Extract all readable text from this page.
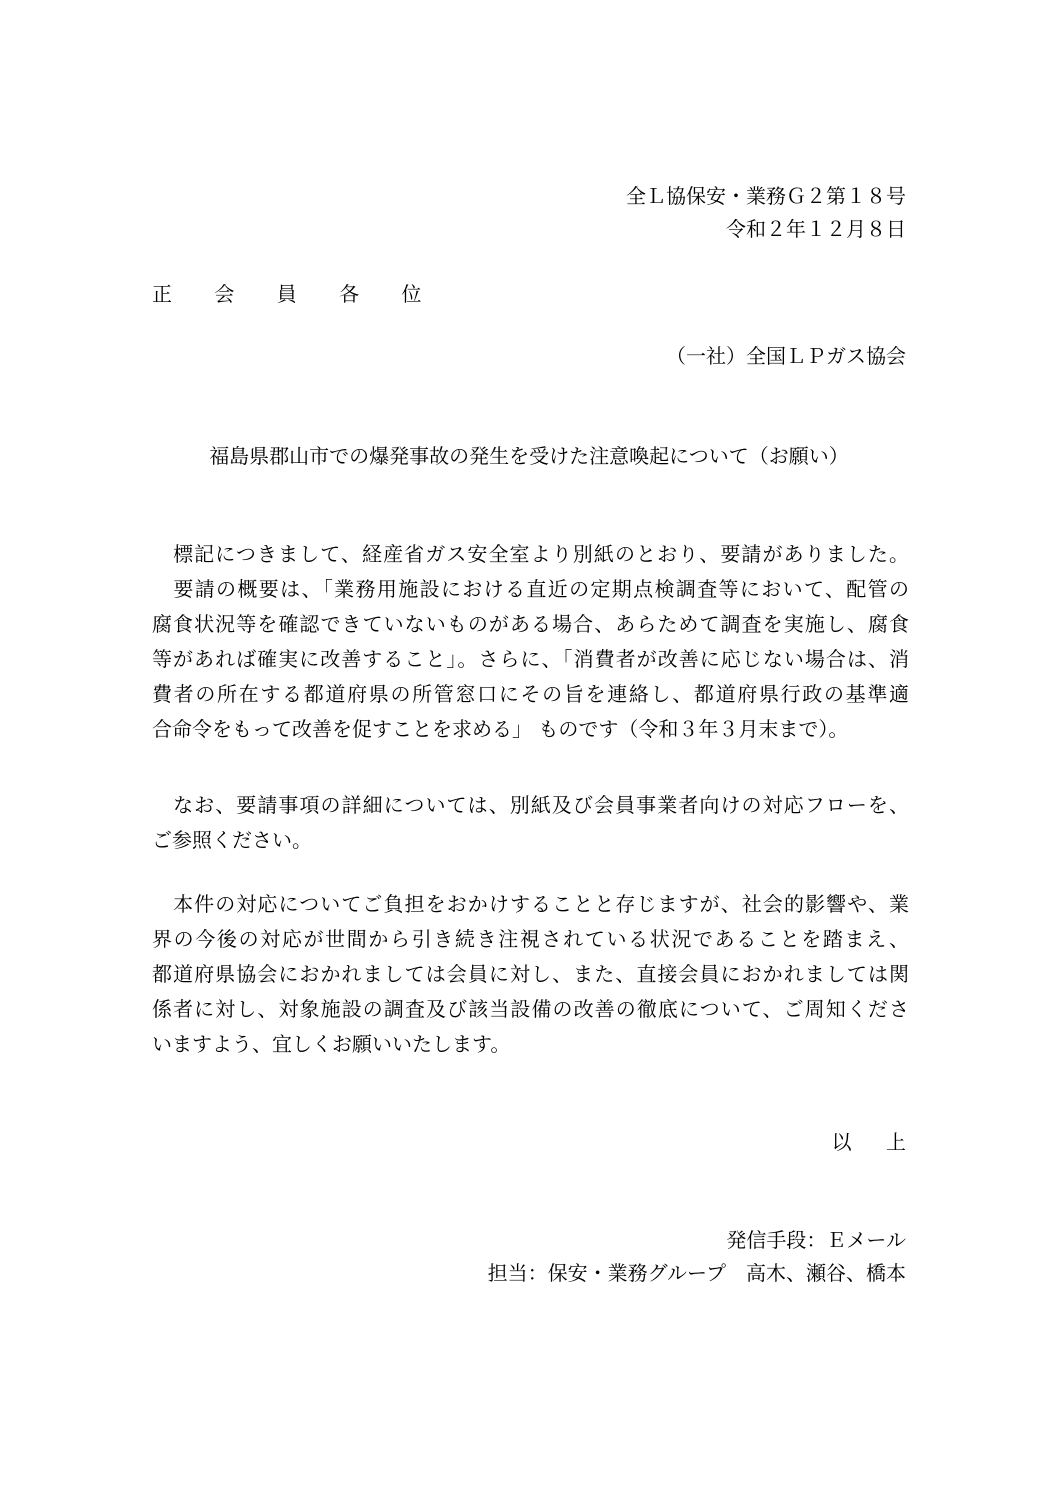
全Ｌ協保安・業務Ｇ２第１８号
令和２年１２月８日
正 会 員 各 位
（一社）全国ＬＰガス協会
福島県郡山市での爆発事故の発生を受けた注意喚起について（お願い）
　標記につきまして、経産省ガス安全室より別紙のとおり、要請がありました。
　要請の概要は、「業務用施設における直近の定期点検調査等において、配管の
腐食状況等を確認できていないものがある場合、あらためて調査を実施し、腐食
等があれば確実に改善すること」。さらに、「消費者が改善に応じない場合は、消
費者の所在する都道府県の所管窓口にその旨を連絡し、都道府県行政の基準適
合命令をもって改善を促すことを求める」 ものです（令和３年３月末まで）。
　なお、要請事項の詳細については、別紙及び会員事業者向けの対応フローを、
ご参照ください。
　本件の対応についてご負担をおかけすることと存じますが、社会的影響や、業
界の今後の対応が世間から引き続き注視されている状況であることを踏まえ、
都道府県協会におかれましては会員に対し、また、直接会員におかれましては関
係者に対し、対象施設の調査及び該当設備の改善の徹底について、ご周知くださ
いますよう、宜しくお願いいたします。
以 上
発信手段：Ｅメール
担当：保安・業務グループ　高木、瀬谷、橋本
